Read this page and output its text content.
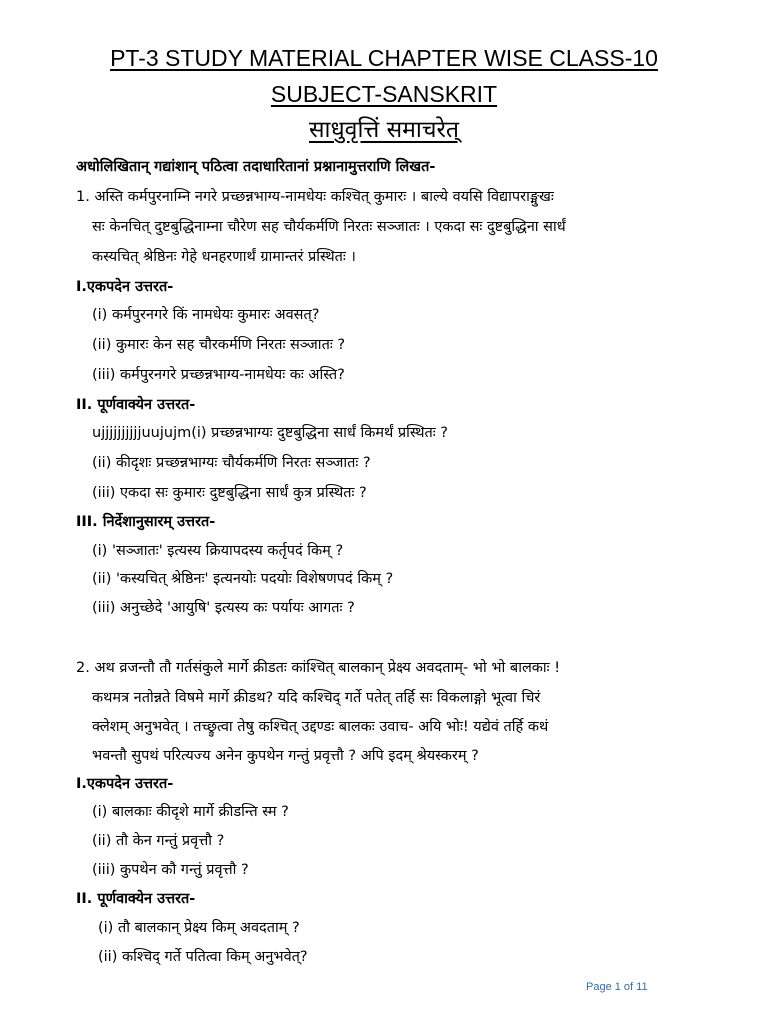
PT-3 STUDY MATERIAL CHAPTER WISE CLASS-10
SUBJECT-SANSKRIT
साधुवृत्तिं समाचरेत्
अधोलिखितान् गद्यांशान् पठित्वा तदाधारितानां प्रश्नानामुत्तराणि लिखत-
1. अस्ति कर्मपुरनाम्नि नगरे प्रच्छन्नभाग्य-नामधेयः कश्चित् कुमारः । बाल्ये वयसि विद्यापराङ्मुखः
सः केनचित् दुष्टबुद्धिनाम्ना चौरेण सह चौर्यकर्मणि निरतः सञ्जातः । एकदा सः दुष्टबुद्धिना सार्धं
कस्यचित् श्रेष्ठिनः गेहे धनहरणार्थं ग्रामान्तरं प्रस्थितः ।
I.एकपदेन उत्तरत-
(i) कर्मपुरनगरे किं नामधेयः कुमारः अवसत्?
(ii) कुमारः केन सह चौरकर्मणि निरतः सञ्जातः ?
(iii) कर्मपुरनगरे प्रच्छन्नभाग्य-नामधेयः कः अस्ति?
II. पूर्णवाक्येन उत्तरत-
ujjjjjjjjjjuujujm(i) प्रच्छन्नभाग्यः दुष्टबुद्धिना सार्धं किमर्थं प्रस्थितः ?
(ii) कीदृशः प्रच्छन्नभाग्यः चौर्यकर्मणि निरतः सञ्जातः ?
(iii) एकदा सः कुमारः दुष्टबुद्धिना सार्धं कुत्र प्रस्थितः ?
III. निर्देशानुसारम् उत्तरत-
(i) 'सञ्जातः' इत्यस्य क्रियापदस्य कर्तृपदं किम् ?
(ii) 'कस्यचित् श्रेष्ठिनः' इत्यनयोः पदयोः विशेषणपदं किम् ?
(iii) अनुच्छेदे 'आयुषि' इत्यस्य कः पर्यायः आगतः ?
2. अथ व्रजन्तौ तौ गर्तसंकुले मार्गे क्रीडतः कांश्चित् बालकान् प्रेक्ष्य अवदताम्- भो भो बालकाः !
कथमत्र नतोन्नते विषमे मार्गे क्रीडथ? यदि कश्चिद् गर्ते पतेत् तर्हि सः विकलाङ्गो भूत्वा चिरं
क्लेशम् अनुभवेत् । तच्छ्रुत्वा तेषु कश्चित् उद्दण्डः बालकः उवाच- अयि भोः! यद्येवं तर्हि कथं
भवन्तौ सुपथं परित्यज्य अनेन कुपथेन गन्तुं प्रवृत्तौ ? अपि इदम् श्रेयस्करम् ?
I.एकपदेन उत्तरत-
(i) बालकाः कीदृशे मार्गे क्रीडन्ति स्म ?
(ii) तौ केन गन्तुं प्रवृत्तौ ?
(iii) कुपथेन कौ गन्तुं प्रवृत्तौ ?
II. पूर्णवाक्येन उत्तरत-
(i) तौ बालकान् प्रेक्ष्य किम् अवदताम् ?
(ii) कश्चिद् गर्ते पतित्वा किम् अनुभवेत्?
Page 1 of 11
